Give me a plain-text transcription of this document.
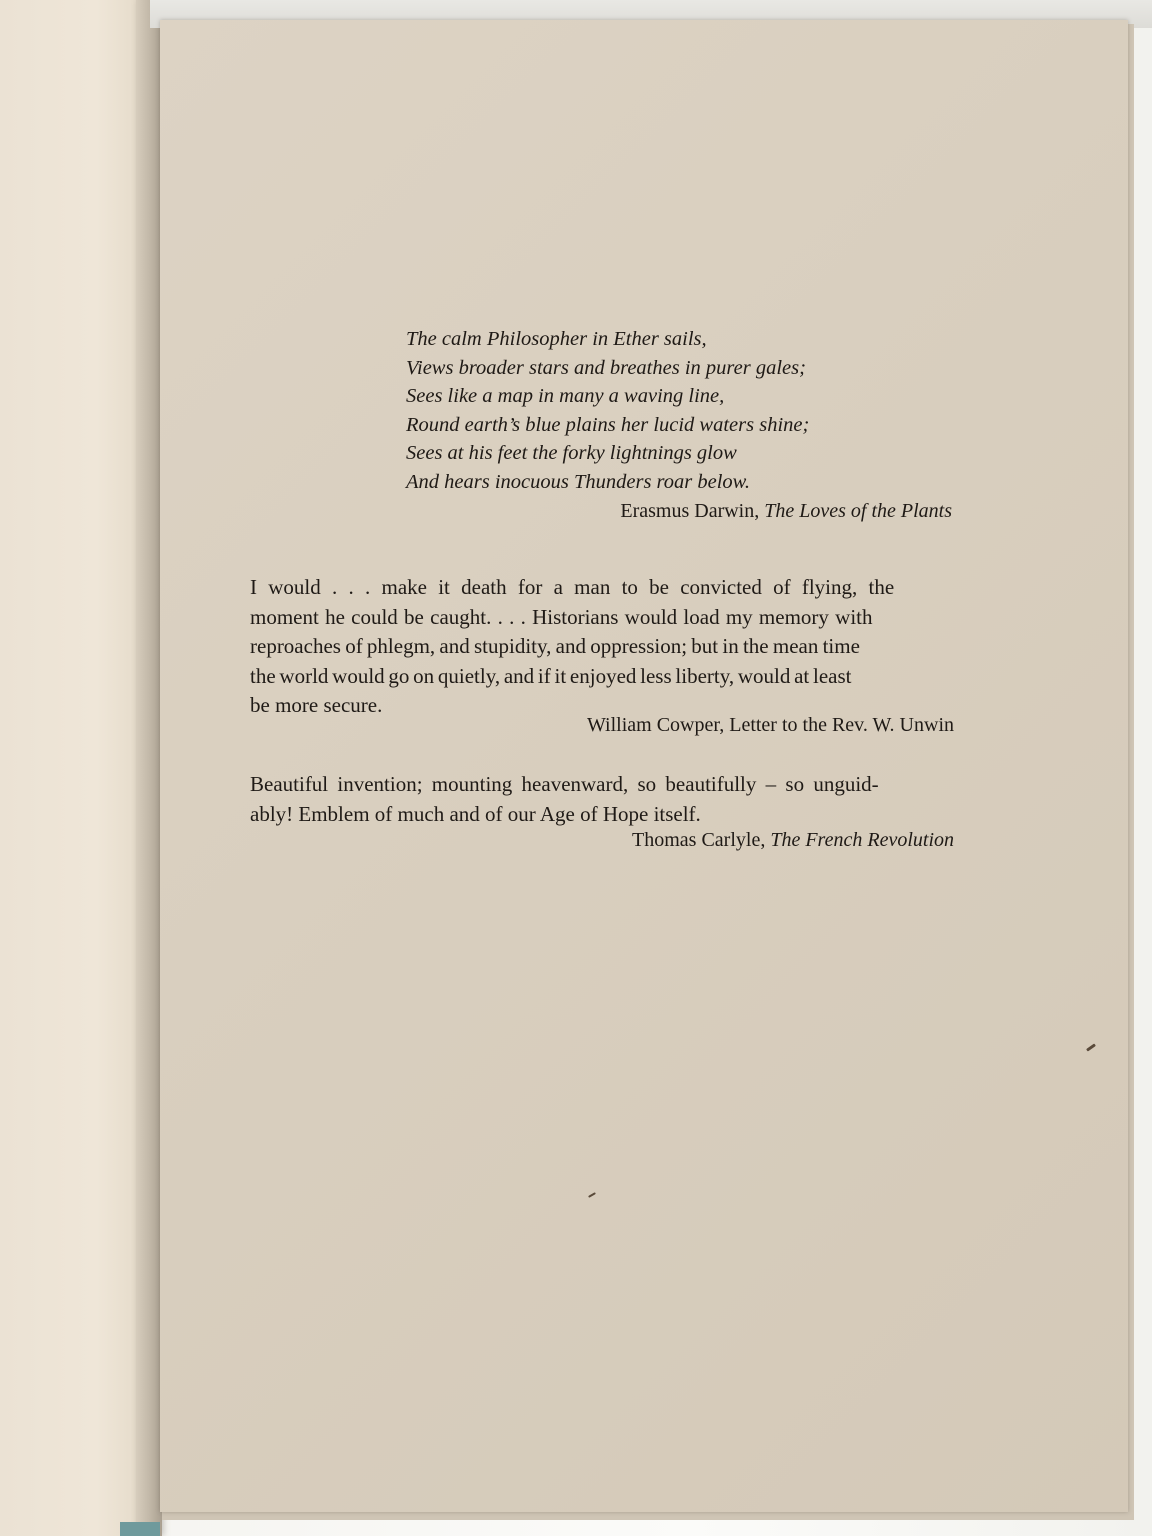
The calm Philosopher in Ether sails,
Views broader stars and breathes in purer gales;
Sees like a map in many a waving line,
Round earth’s blue plains her lucid waters shine;
Sees at his feet the forky lightnings glow
And hears inocuous Thunders roar below.
Erasmus Darwin, The Loves of the Plants
I would . . . make it death for a man to be convicted of flying, the
moment he could be caught. . . . Historians would load my memory with
reproaches of phlegm, and stupidity, and oppression; but in the mean time
the world would go on quietly, and if it enjoyed less liberty, would at least
be more secure.
William Cowper, Letter to the Rev. W. Unwin
Beautiful invention; mounting heavenward, so beautifully – so unguid-
ably! Emblem of much and of our Age of Hope itself.
Thomas Carlyle, The French Revolution
